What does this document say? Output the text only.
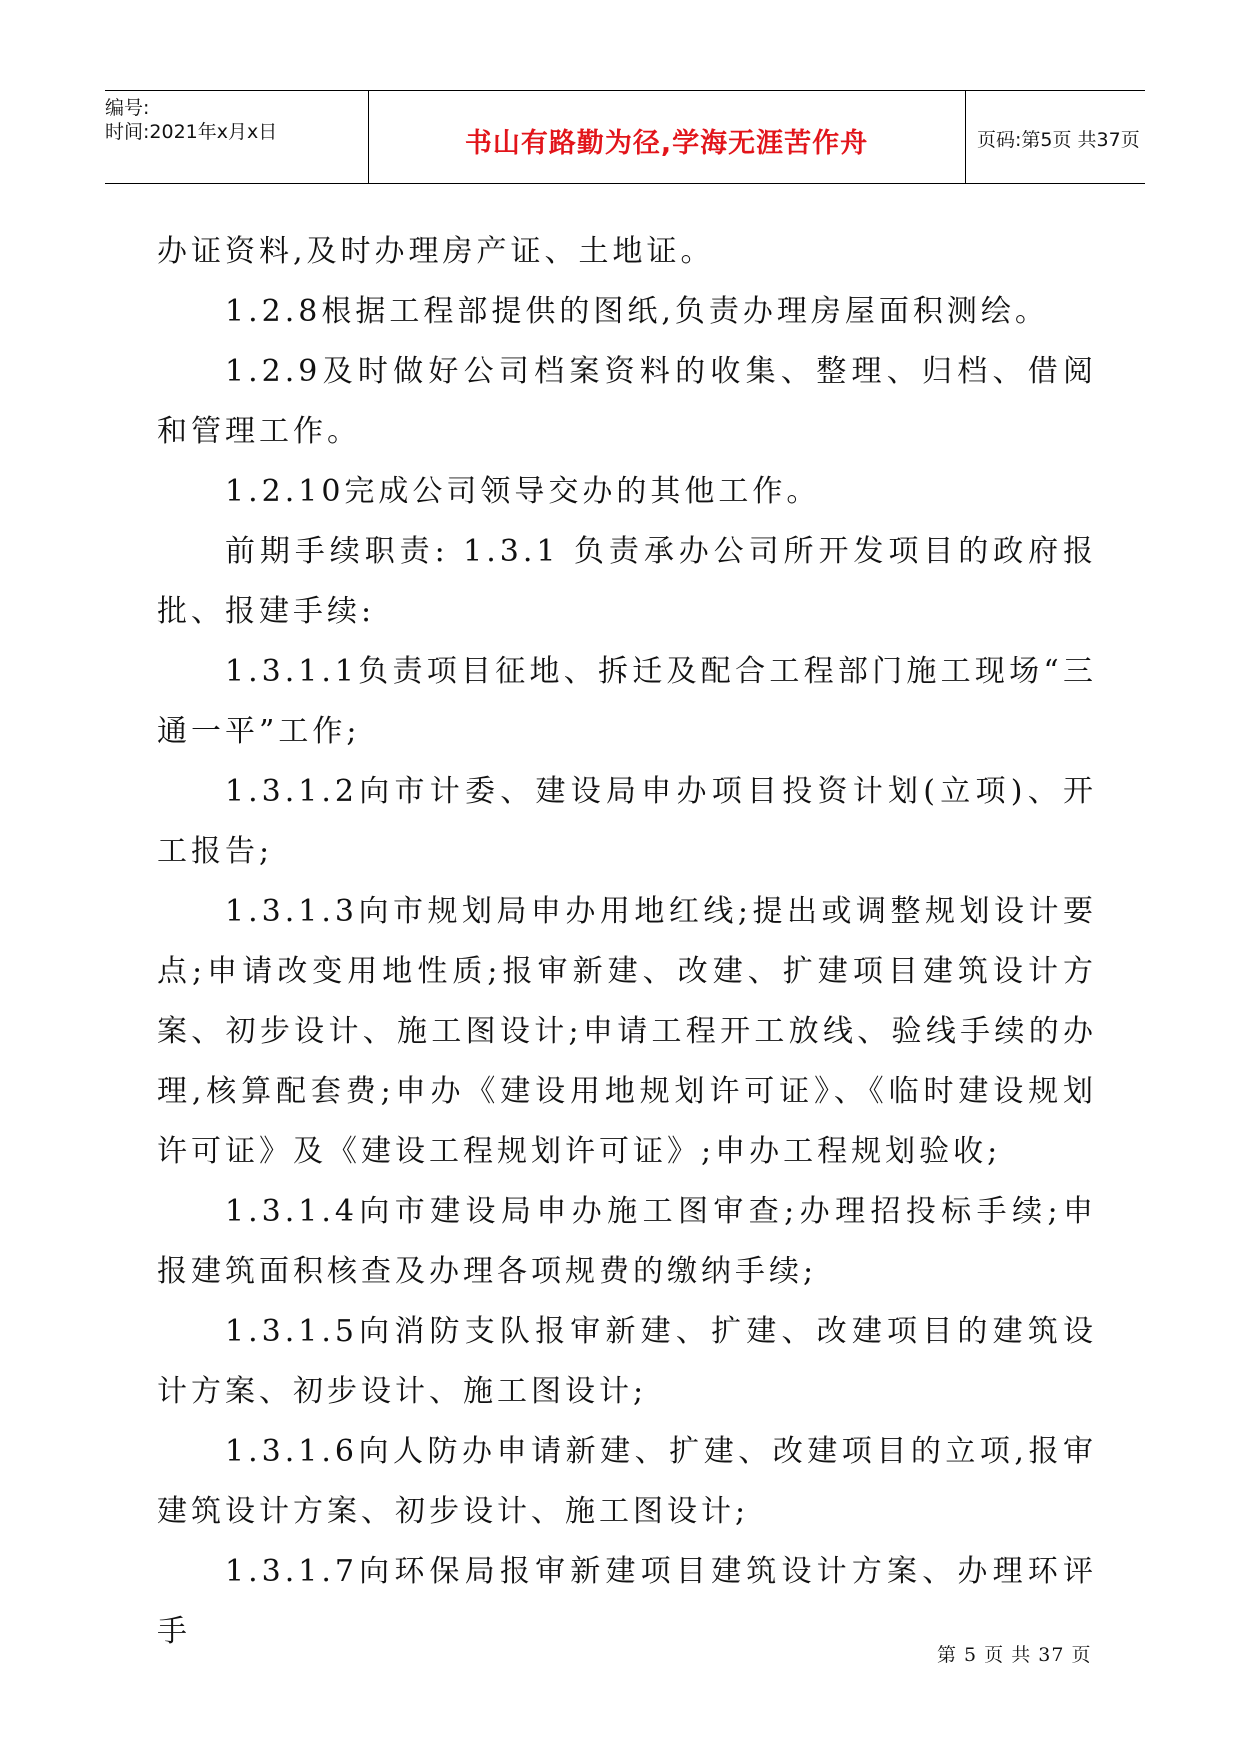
编号:
时间:2021年x月x日	书山有路勤为径,学海无涯苦作舟	页码:第5页 共37页

办证资料,及时办理房产证、土地证。

1.2.8根据工程部提供的图纸,负责办理房屋面积测绘。

1.2.9及时做好公司档案资料的收集、整理、归档、借阅和管理工作。

1.2.10完成公司领导交办的其他工作。

前期手续职责: 1.3.1 负责承办公司所开发项目的政府报批、报建手续:

1.3.1.1负责项目征地、拆迁及配合工程部门施工现场“三通一平”工作;

1.3.1.2向市计委、建设局申办项目投资计划(立项)、开工报告;

1.3.1.3向市规划局申办用地红线;提出或调整规划设计要点;申请改变用地性质;报审新建、改建、扩建项目建筑设计方案、初步设计、施工图设计;申请工程开工放线、验线手续的办理,核算配套费;申办《建设用地规划许可证》、《临时建设规划许可证》及《建设工程规划许可证》;申办工程规划验收;

1.3.1.4向市建设局申办施工图审查;办理招投标手续;申报建筑面积核查及办理各项规费的缴纳手续;

1.3.1.5向消防支队报审新建、扩建、改建项目的建筑设计方案、初步设计、施工图设计;

1.3.1.6向人防办申请新建、扩建、改建项目的立项,报审建筑设计方案、初步设计、施工图设计;

1.3.1.7向环保局报审新建项目建筑设计方案、办理环评手

第 5 页 共 37 页
